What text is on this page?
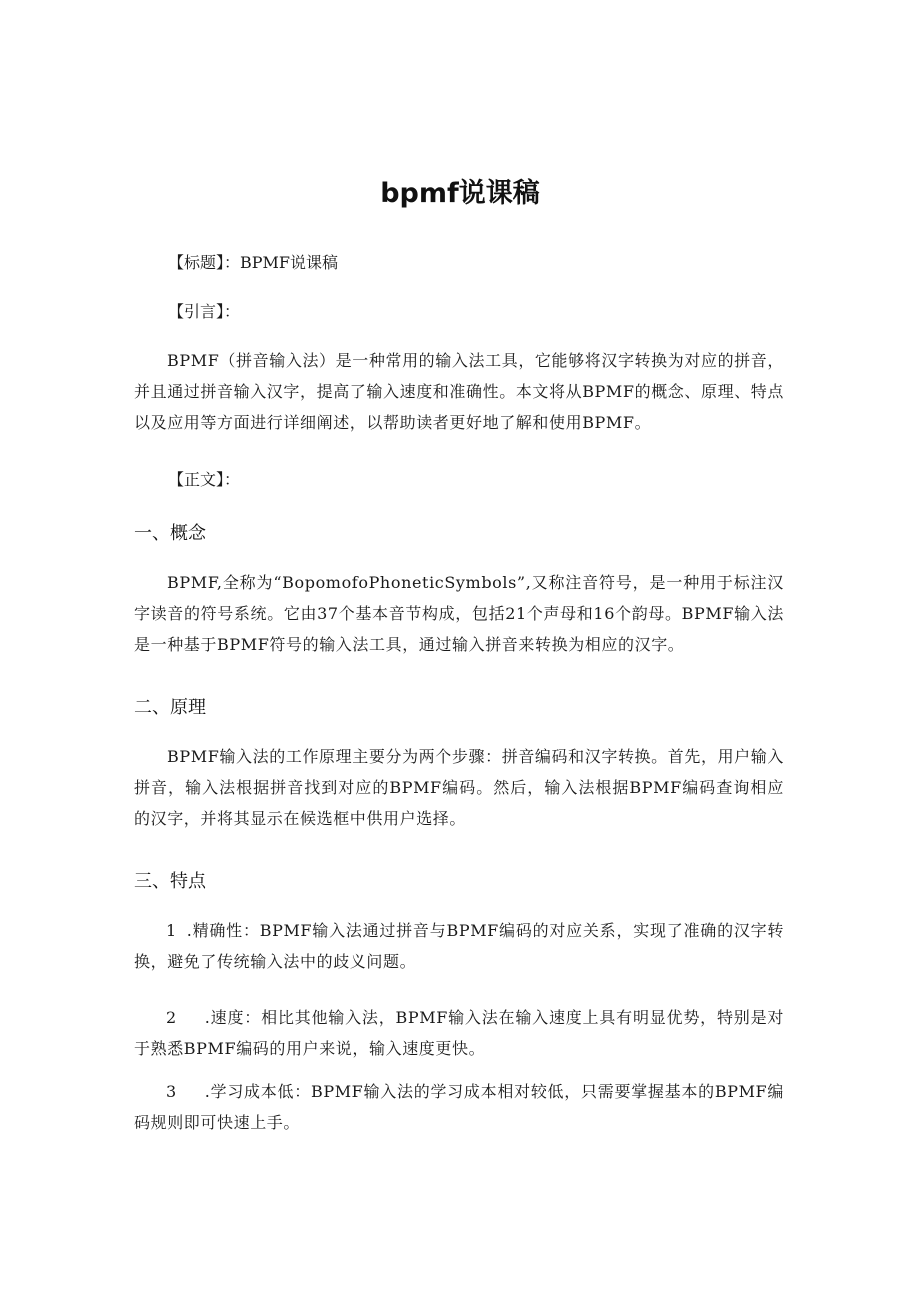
bpmf说课稿
【标题】：BPMF说课稿
【引言】：
BPMF（拼音输入法）是一种常用的输入法工具，它能够将汉字转换为对应的拼音，并且通过拼音输入汉字，提高了输入速度和准确性。本文将从BPMF的概念、原理、特点以及应用等方面进行详细阐述，以帮助读者更好地了解和使用BPMF。
【正文】：
一、概念
BPMF,全称为“BopomofoPhoneticSymbols”,又称注音符号，是一种用于标注汉字读音的符号系统。它由37个基本音节构成，包括21个声母和16个韵母。BPMF输入法是一种基于BPMF符号的输入法工具，通过输入拼音来转换为相应的汉字。
二、原理
BPMF输入法的工作原理主要分为两个步骤：拼音编码和汉字转换。首先，用户输入拼音，输入法根据拼音找到对应的BPMF编码。然后，输入法根据BPMF编码查询相应的汉字，并将其显示在候选框中供用户选择。
三、特点
1 .精确性：BPMF输入法通过拼音与BPMF编码的对应关系，实现了准确的汉字转换，避免了传统输入法中的歧义问题。
2 .速度：相比其他输入法，BPMF输入法在输入速度上具有明显优势，特别是对于熟悉BPMF编码的用户来说，输入速度更快。
3 .学习成本低：BPMF输入法的学习成本相对较低，只需要掌握基本的BPMF编码规则即可快速上手。
